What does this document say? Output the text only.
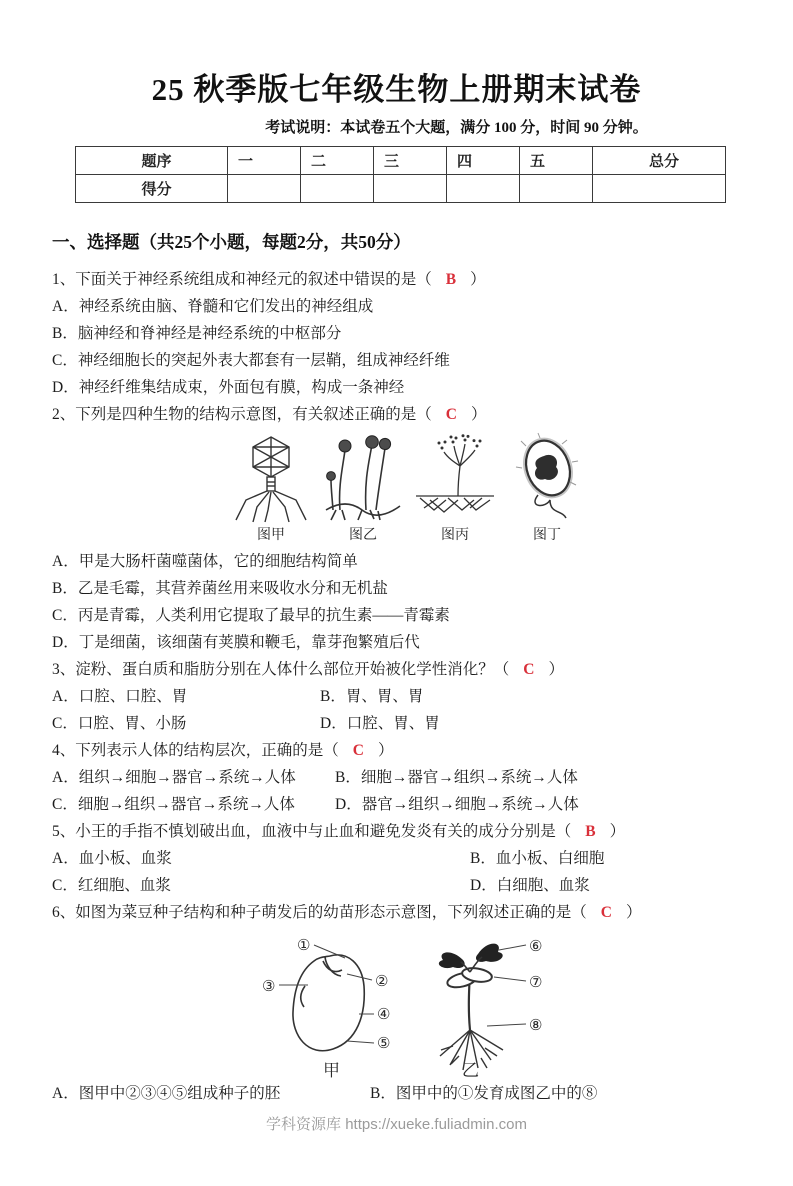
25 秋季版七年级生物上册期末试卷
考试说明：本试卷五个大题，满分 100 分，时间 90 分钟。
题序	一	二	三	四	五	总分
得分						
一、选择题（共25个小题，每题2分，共50分）
1、下面关于神经系统组成和神经元的叙述中错误的是（ B ）
A．神经系统由脑、脊髓和它们发出的神经组成
B．脑神经和脊神经是神经系统的中枢部分
C．神经细胞长的突起外表大都套有一层鞘，组成神经纤维
D．神经纤维集结成束，外面包有膜，构成一条神经
2、下列是四种生物的结构示意图，有关叙述正确的是（ C ）
图甲	图乙	图丙	图丁
A．甲是大肠杆菌噬菌体，它的细胞结构简单
B．乙是毛霉，其营养菌丝用来吸收水分和无机盐
C．丙是青霉，人类利用它提取了最早的抗生素——青霉素
D．丁是细菌，该细菌有荚膜和鞭毛，靠芽孢繁殖后代
3、淀粉、蛋白质和脂肪分别在人体什么部位开始被化学性消化？（ C ）
A．口腔、口腔、胃	B．胃、胃、胃
C．口腔、胃、小肠	D．口腔、胃、胃
4、下列表示人体的结构层次，正确的是（ C ）
A．组织→细胞→器官→系统→人体	B．细胞→器官→组织→系统→人体
C．细胞→组织→器官→系统→人体	D．器官→组织→细胞→系统→人体
5、小王的手指不慎划破出血，血液中与止血和避免发炎有关的成分分别是（ B ）
A．血小板、血浆	B．血小板、白细胞
C．红细胞、血浆	D．白细胞、血浆
6、如图为菜豆种子结构和种子萌发后的幼苗形态示意图，下列叙述正确的是（ C ）
①
②
③
④
⑤
甲
⑥
⑦
⑧
乙
A．图甲中②③④⑤组成种子的胚	B．图甲中的①发育成图乙中的⑧
学科资源库 https://xueke.fuliadmin.com
